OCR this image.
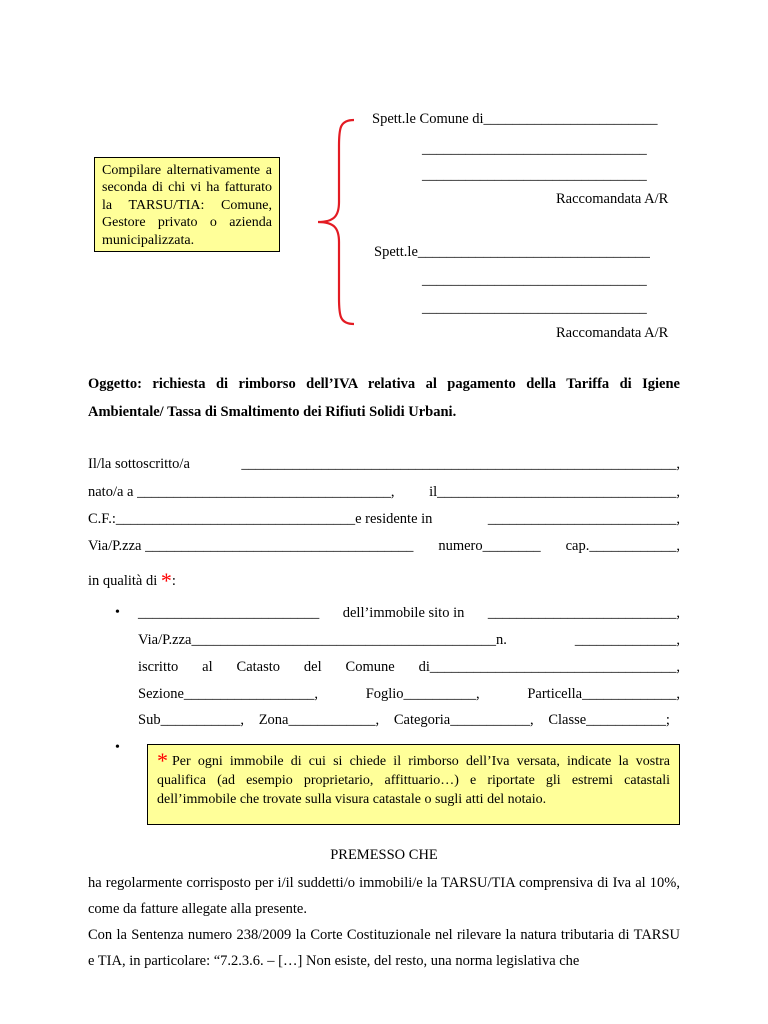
Compilare alternativamente a seconda di chi vi ha fatturato la TARSU/TIA: Comune, Gestore privato o azienda municipalizzata.
Spett.le Comune di________________________
_______________________________
_______________________________
Raccomandata A/R
Spett.le________________________________
_______________________________
_______________________________
Raccomandata A/R
Oggetto: richiesta di rimborso dell’IVA relativa al pagamento della Tariffa di Igiene
Ambientale/ Tassa di Smaltimento dei Rifiuti Solidi Urbani.
Il/la sottoscritto/a	____________________________________________________________,
nato/a a ___________________________________, il_________________________________,
C.F.:_________________________________e residente in	__________________________,
Via/P.zza _____________________________________ numero________ cap.____________,
in qualità di *:
• _________________________ dell’immobile sito in __________________________,
Via/P.zza__________________________________________n.	______________,
iscritto al Catasto del Comune di__________________________________,
Sezione__________________,	Foglio__________,	Particella_____________,
Sub___________, Zona____________, Categoria___________, Classe___________;
•
* Per ogni immobile di cui si chiede il rimborso dell’Iva versata, indicate la vostra qualifica (ad esempio proprietario, affittuario…) e riportate gli estremi catastali dell’immobile che trovate sulla visura catastale o sugli atti del notaio.
PREMESSO CHE
ha regolarmente corrisposto per i/il suddetti/o immobili/e la TARSU/TIA comprensiva di Iva al 10%, come da fatture allegate alla presente.
Con la Sentenza numero 238/2009 la Corte Costituzionale nel rilevare la natura tributaria di TARSU e TIA, in particolare: “7.2.3.6. – […] Non esiste, del resto, una norma legislativa che
